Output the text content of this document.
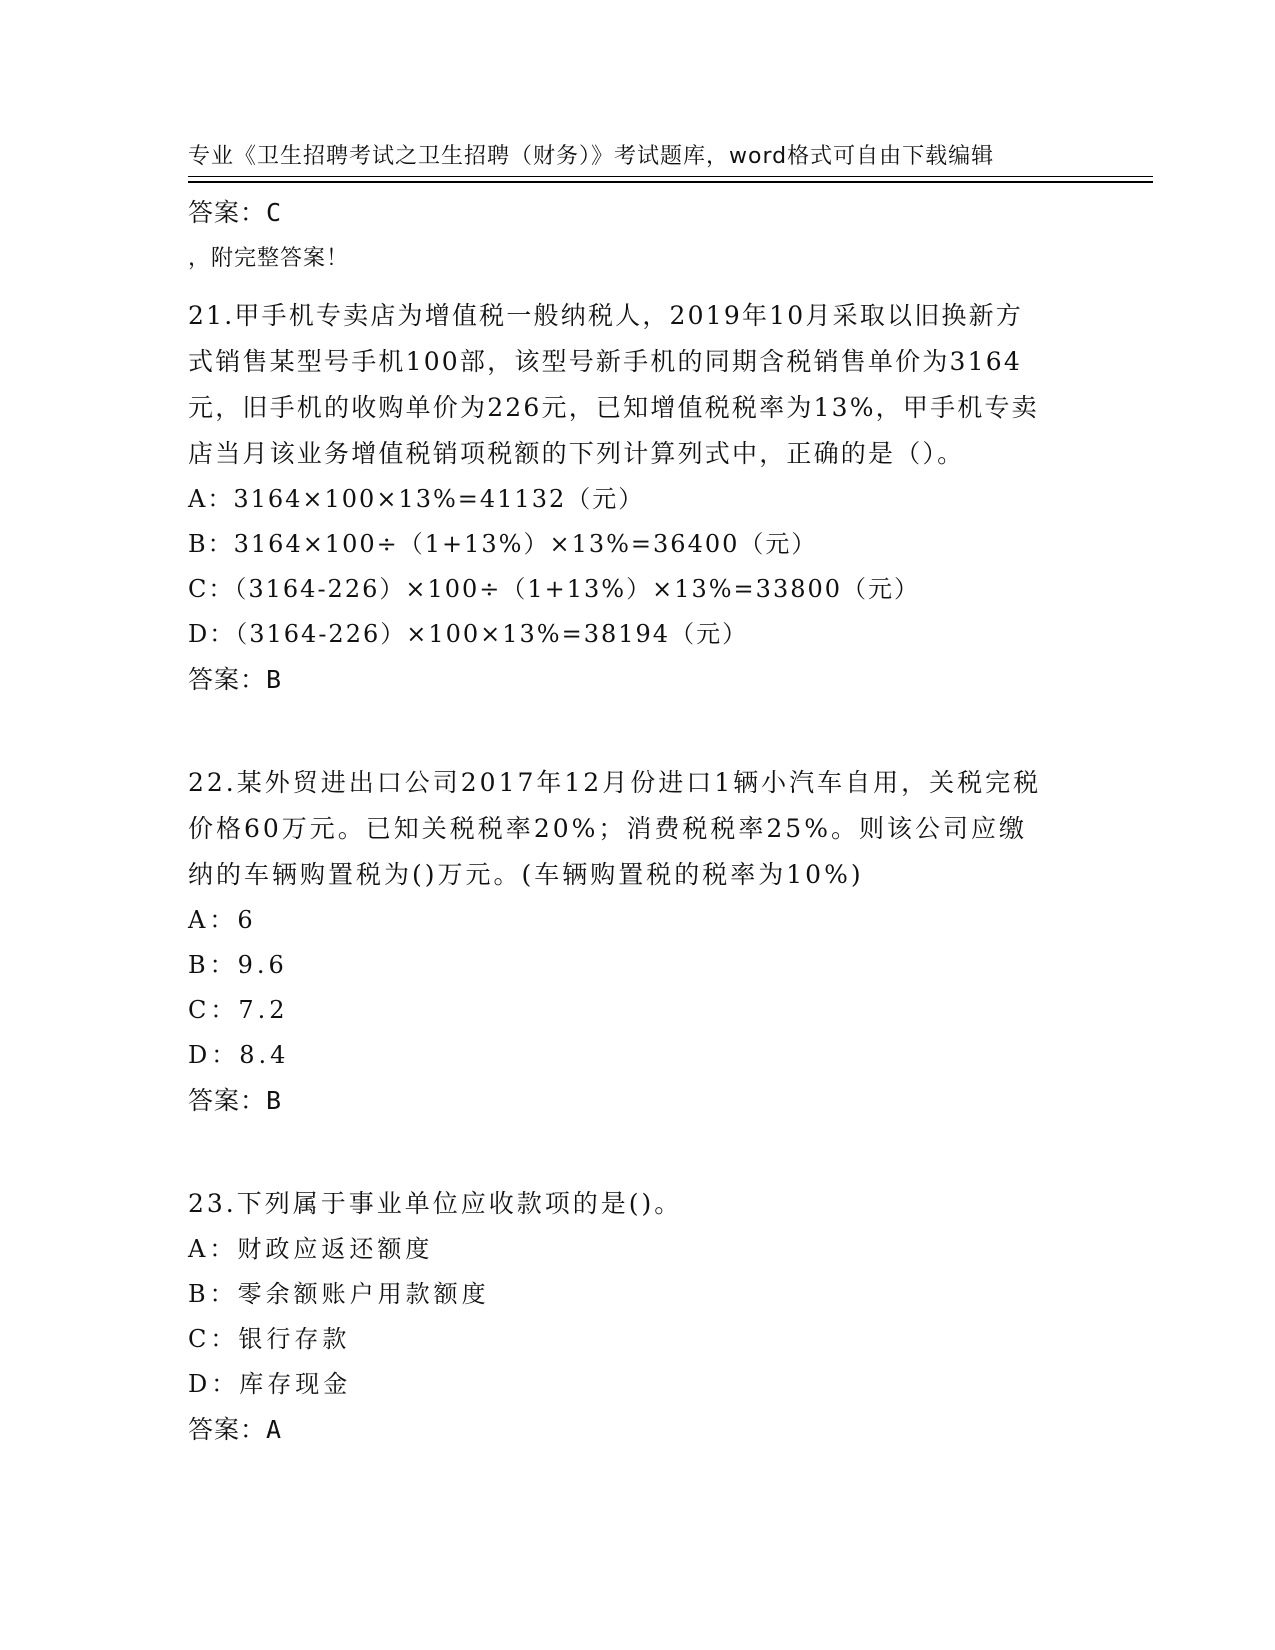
专业《卫生招聘考试之卫生招聘（财务）》考试题库，word格式可自由下载编辑

，附完整答案！

答案：C
21.甲手机专卖店为增值税一般纳税人，2019年10月采取以旧换新方
式销售某型号手机100部，该型号新手机的同期含税销售单价为3164
元，旧手机的收购单价为226元，已知增值税税率为13%，甲手机专卖
店当月该业务增值税销项税额的下列计算列式中，正确的是（）。
A：3164×100×13%=41132（元）
B：3164×100÷（1+13%）×13%=36400（元）
C：（3164-226）×100÷（1+13%）×13%=33800（元）
D：（3164-226）×100×13%=38194（元）
答案：B
22.某外贸进出口公司2017年12月份进口1辆小汽车自用，关税完税
价格60万元。已知关税税率20%；消费税税率25%。则该公司应缴
纳的车辆购置税为()万元。(车辆购置税的税率为10%)
A：6
B：9.6
C：7.2
D：8.4
答案：B
23.下列属于事业单位应收款项的是()。
A：财政应返还额度
B：零余额账户用款额度
C：银行存款
D：库存现金
答案：A
